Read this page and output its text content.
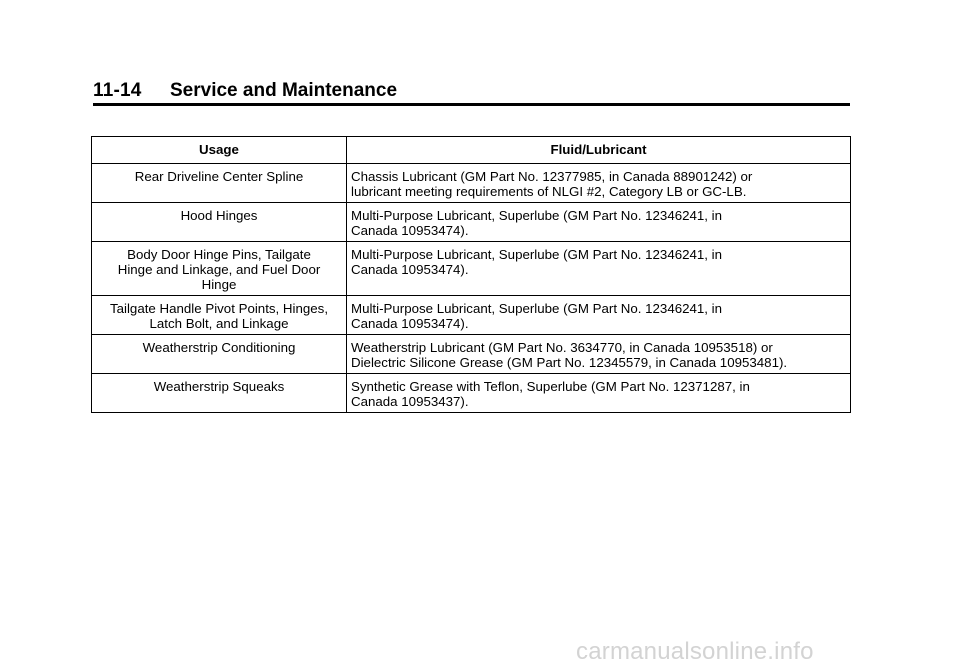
11-14 Service and Maintenance
Usage	Fluid/Lubricant

Rear Driveline Center Spline	Chassis Lubricant (GM Part No. 12377985, in Canada 88901242) or
lubricant meeting requirements of NLGI #2, Category LB or GC-LB.

Hood Hinges	Multi-Purpose Lubricant, Superlube (GM Part No. 12346241, in
Canada 10953474).

Body Door Hinge Pins, Tailgate
Hinge and Linkage, and Fuel Door
Hinge	Multi-Purpose Lubricant, Superlube (GM Part No. 12346241, in
Canada 10953474).

Tailgate Handle Pivot Points, Hinges,
Latch Bolt, and Linkage	Multi-Purpose Lubricant, Superlube (GM Part No. 12346241, in
Canada 10953474).

Weatherstrip Conditioning	Weatherstrip Lubricant (GM Part No. 3634770, in Canada 10953518) or
Dielectric Silicone Grease (GM Part No. 12345579, in Canada 10953481).

Weatherstrip Squeaks	Synthetic Grease with Teflon, Superlube (GM Part No. 12371287, in
Canada 10953437).
carmanualsonline.info
